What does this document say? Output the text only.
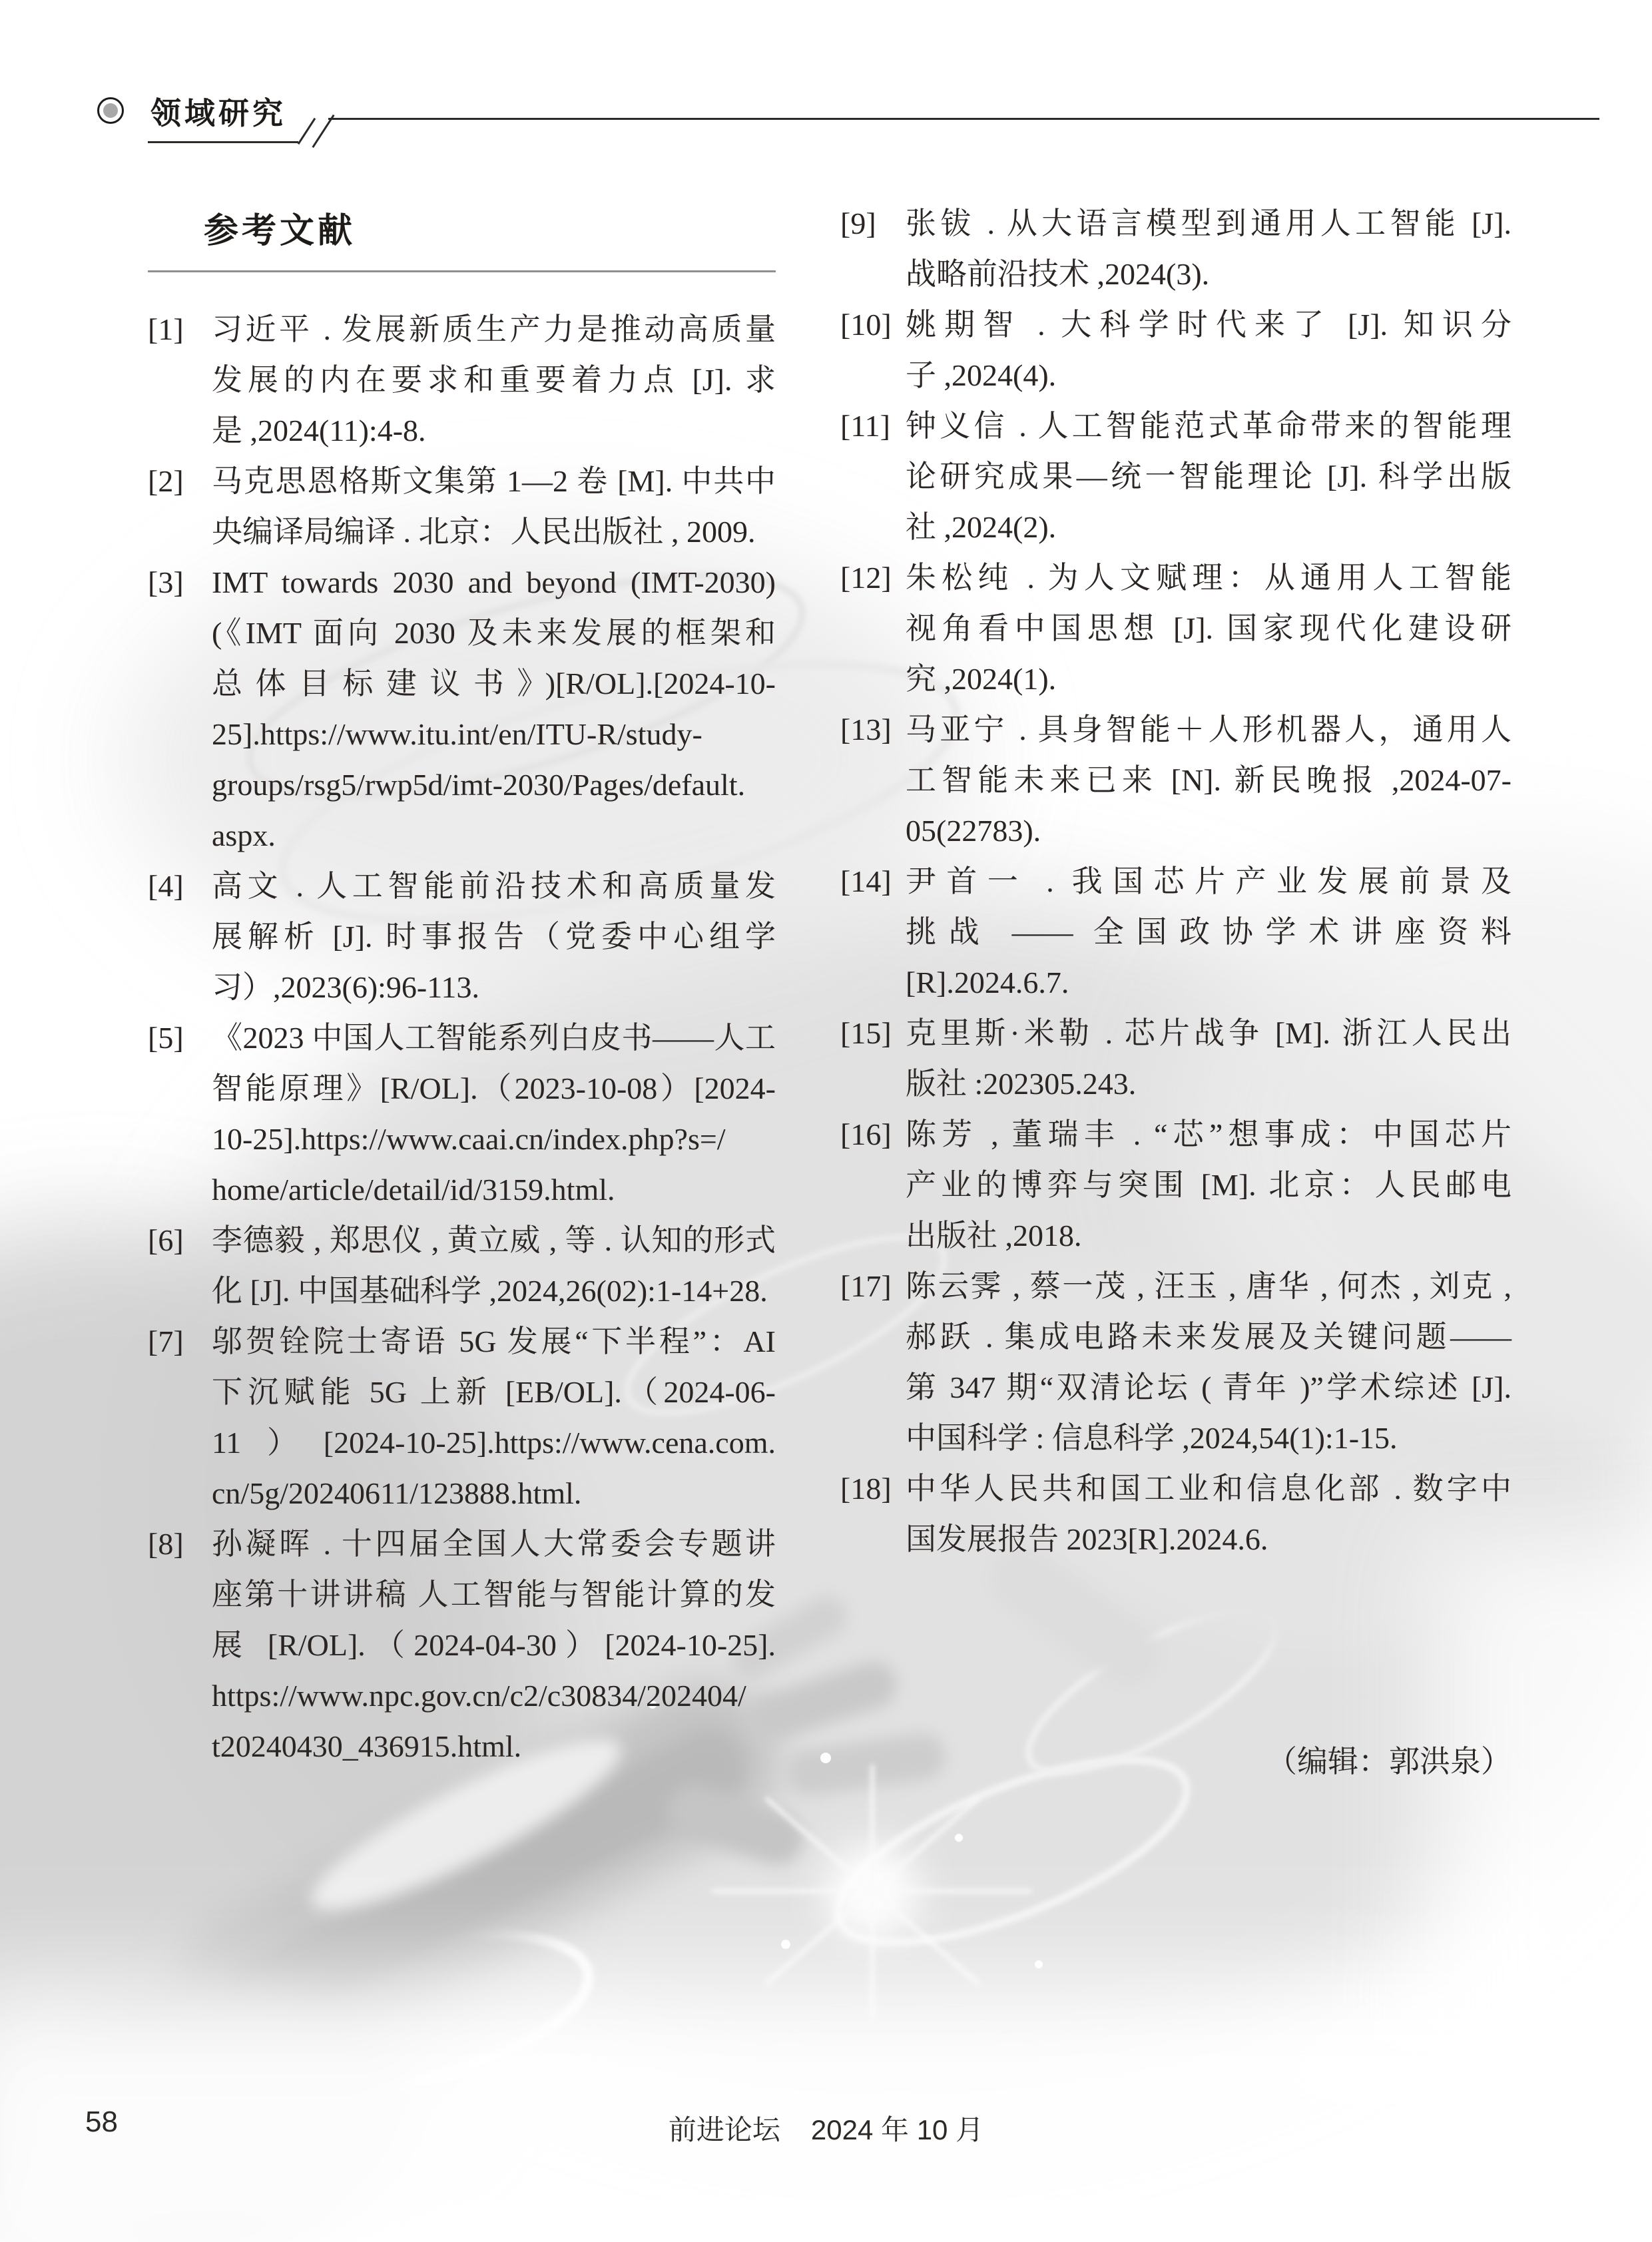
领域研究
参考文献
[1] 习近平 . 发展新质生产力是推动高质量
发展的内在要求和重要着力点 [J]. 求
是 ,2024(11):4-8.
[2] 马克思恩格斯文集第 1—2 卷 [M]. 中共中
央编译局编译 . 北京：人民出版社 , 2009.
[3] IMT towards 2030 and beyond (IMT-2030)
(《IMT 面向 2030 及未来发展的框架和
总体目标建议书》)[R/OL].[2024-10-
25].https://www.itu.int/en/ITU-R/study-
groups/rsg5/rwp5d/imt-2030/Pages/default.
aspx.
[4] 高文 . 人工智能前沿技术和高质量发
展解析 [J]. 时事报告（党委中心组学
习）,2023(6):96-113.
[5] 《2023 中国人工智能系列白皮书——人工
智能原理》[R/OL].（2023-10-08）[2024-
10-25].https://www.caai.cn/index.php?s=/
home/article/detail/id/3159.html.
[6] 李德毅 , 郑思仪 , 黄立威 , 等 . 认知的形式
化 [J]. 中国基础科学 ,2024,26(02):1-14+28.
[7] 邬贺铨院士寄语 5G 发展“下半程”：AI
下沉赋能 5G 上新 [EB/OL].（2024-06-
11）[2024-10-25].https://www.cena.com.
cn/5g/20240611/123888.html.
[8] 孙凝晖 . 十四届全国人大常委会专题讲
座第十讲讲稿 人工智能与智能计算的发
展 [R/OL].（2024-04-30）[2024-10-25].
https://www.npc.gov.cn/c2/c30834/202404/
t20240430_436915.html.
[9] 张钹 . 从大语言模型到通用人工智能 [J].
战略前沿技术 ,2024(3).
[10] 姚期智 . 大科学时代来了 [J]. 知识分
子 ,2024(4).
[11] 钟义信 . 人工智能范式革命带来的智能理
论研究成果—统一智能理论 [J]. 科学出版
社 ,2024(2).
[12] 朱松纯 . 为人文赋理：从通用人工智能
视角看中国思想 [J]. 国家现代化建设研
究 ,2024(1).
[13] 马亚宁 . 具身智能＋人形机器人，通用人
工智能未来已来 [N]. 新民晚报 ,2024-07-
05(22783).
[14] 尹首一 . 我国芯片产业发展前景及
挑战 —— 全国政协学术讲座资料
[R].2024.6.7.
[15] 克里斯·米勒 . 芯片战争 [M]. 浙江人民出
版社 :202305.243.
[16] 陈芳 , 董瑞丰 . “芯”想事成：中国芯片
产业的博弈与突围 [M]. 北京：人民邮电
出版社 ,2018.
[17] 陈云霁 , 蔡一茂 , 汪玉 , 唐华 , 何杰 , 刘克 ,
郝跃 . 集成电路未来发展及关键问题——
第 347 期“双清论坛 ( 青年 )”学术综述 [J].
中国科学 : 信息科学 ,2024,54(1):1-15.
[18] 中华人民共和国工业和信息化部 . 数字中
国发展报告 2023[R].2024.6.
（编辑：郭洪泉）
58	前进论坛 2024 年 10 月
